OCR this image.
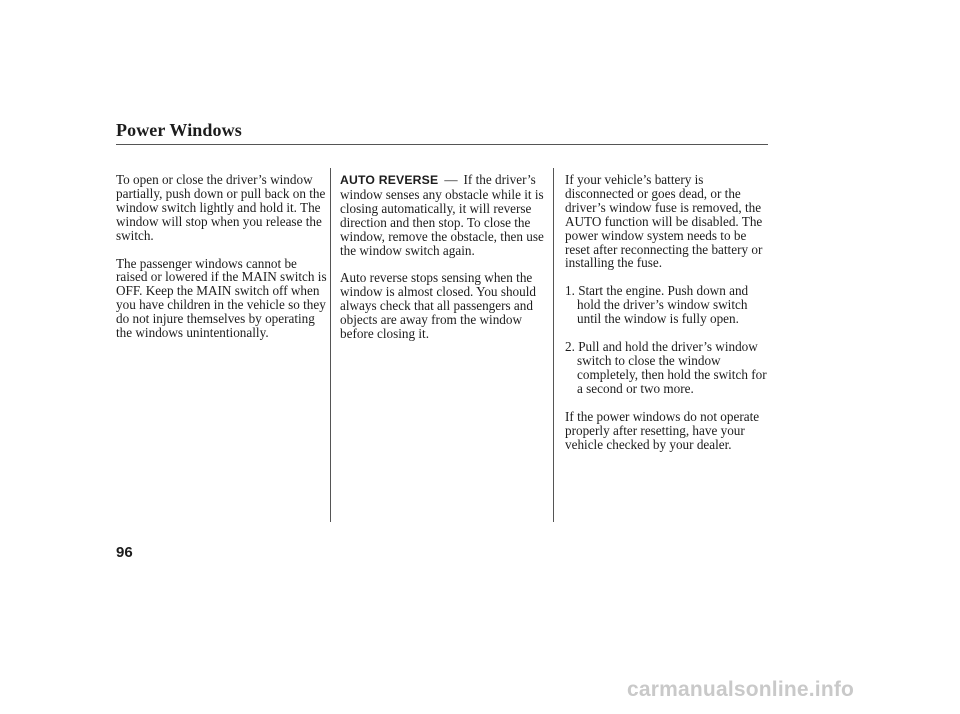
Power Windows

To open or close the driver’s window partially, push down or pull back on the window switch lightly and hold it. The window will stop when you release the switch.

The passenger windows cannot be raised or lowered if the MAIN switch is OFF. Keep the MAIN switch off when you have children in the vehicle so they do not injure themselves by operating the windows unintentionally.

AUTO REVERSE — If the driver’s window senses any obstacle while it is closing automatically, it will reverse direction and then stop. To close the window, remove the obstacle, then use the window switch again.

Auto reverse stops sensing when the window is almost closed. You should always check that all passengers and objects are away from the window before closing it.

If your vehicle’s battery is disconnected or goes dead, or the driver’s window fuse is removed, the AUTO function will be disabled. The power window system needs to be reset after reconnecting the battery or installing the fuse.

1. Start the engine. Push down and hold the driver’s window switch until the window is fully open.

2. Pull and hold the driver’s window switch to close the window completely, then hold the switch for a second or two more.

If the power windows do not operate properly after resetting, have your vehicle checked by your dealer.

96

carmanualsonline.info
